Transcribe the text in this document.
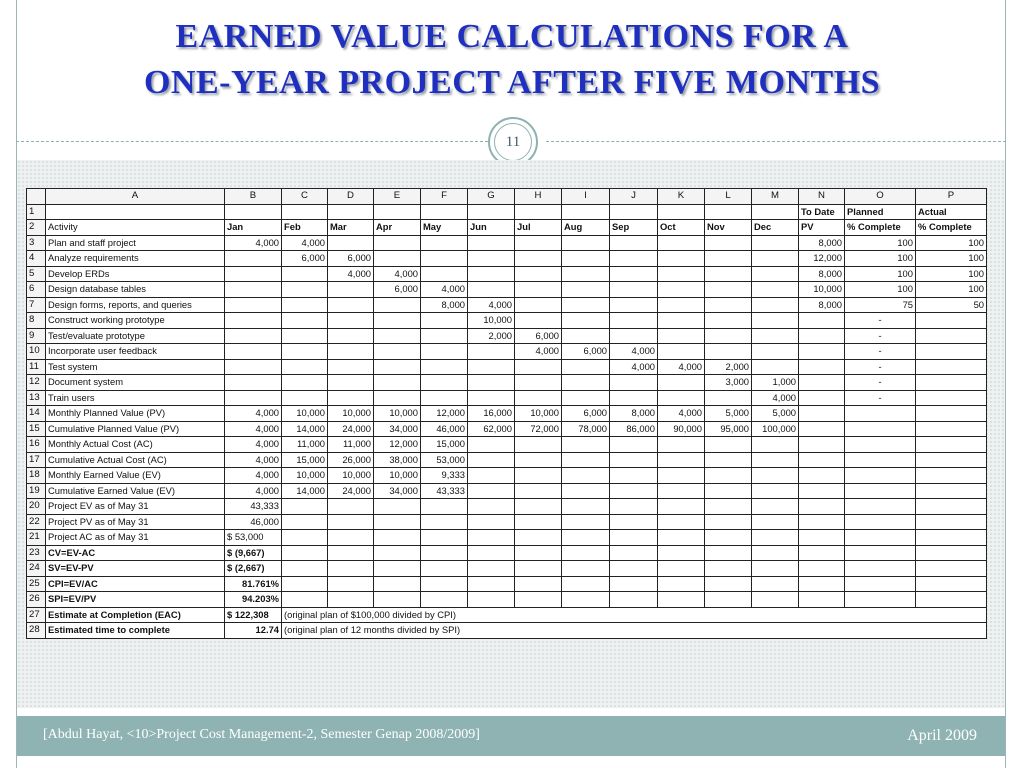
EARNED VALUE CALCULATIONS FOR A
ONE-YEAR PROJECT AFTER FIVE MONTHS
11
	A	B	C	D	E	F	G	H	I	J	K	L	M	N	O	P
1														To Date	Planned	Actual
2	Activity	Jan	Feb	Mar	Apr	May	Jun	Jul	Aug	Sep	Oct	Nov	Dec	PV	% Complete	% Complete
3	Plan and staff project	4,000	4,000											8,000	100	100
4	Analyze requirements		6,000	6,000										12,000	100	100
5	Develop ERDs			4,000	4,000									8,000	100	100
6	Design database tables				6,000	4,000								10,000	100	100
7	Design forms, reports, and queries					8,000	4,000							8,000	75	50
8	Construct working prototype						10,000								-	
9	Test/evaluate prototype						2,000	6,000							-	
10	Incorporate user feedback							4,000	6,000	4,000					-	
11	Test system									4,000	4,000	2,000			-	
12	Document system											3,000	1,000		-	
13	Train users												4,000		-	
14	Monthly Planned Value (PV)	4,000	10,000	10,000	10,000	12,000	16,000	10,000	6,000	8,000	4,000	5,000	5,000			
15	Cumulative Planned Value (PV)	4,000	14,000	24,000	34,000	46,000	62,000	72,000	78,000	86,000	90,000	95,000	100,000			
16	Monthly Actual Cost (AC)	4,000	11,000	11,000	12,000	15,000										
17	Cumulative Actual Cost (AC)	4,000	15,000	26,000	38,000	53,000										
18	Monthly Earned Value (EV)	4,000	10,000	10,000	10,000	9,333										
19	Cumulative Earned Value (EV)	4,000	14,000	24,000	34,000	43,333										
20	Project EV as of May 31	43,333														
22	Project PV as of May 31	46,000														
21	Project AC as of May 31	$ 53,000														
23	CV=EV-AC	$ (9,667)														
24	SV=EV-PV	$ (2,667)														
25	CPI=EV/AC	81.761%														
26	SPI=EV/PV	94.203%														
27	Estimate at Completion (EAC)	$ 122,308	(original plan of $100,000 divided by CPI)													
28	Estimated time to complete	12.74	(original plan of 12 months divided by SPI)													
[Abdul Hayat, <10>Project Cost Management-2, Semester Genap 2008/2009]	April 2009
